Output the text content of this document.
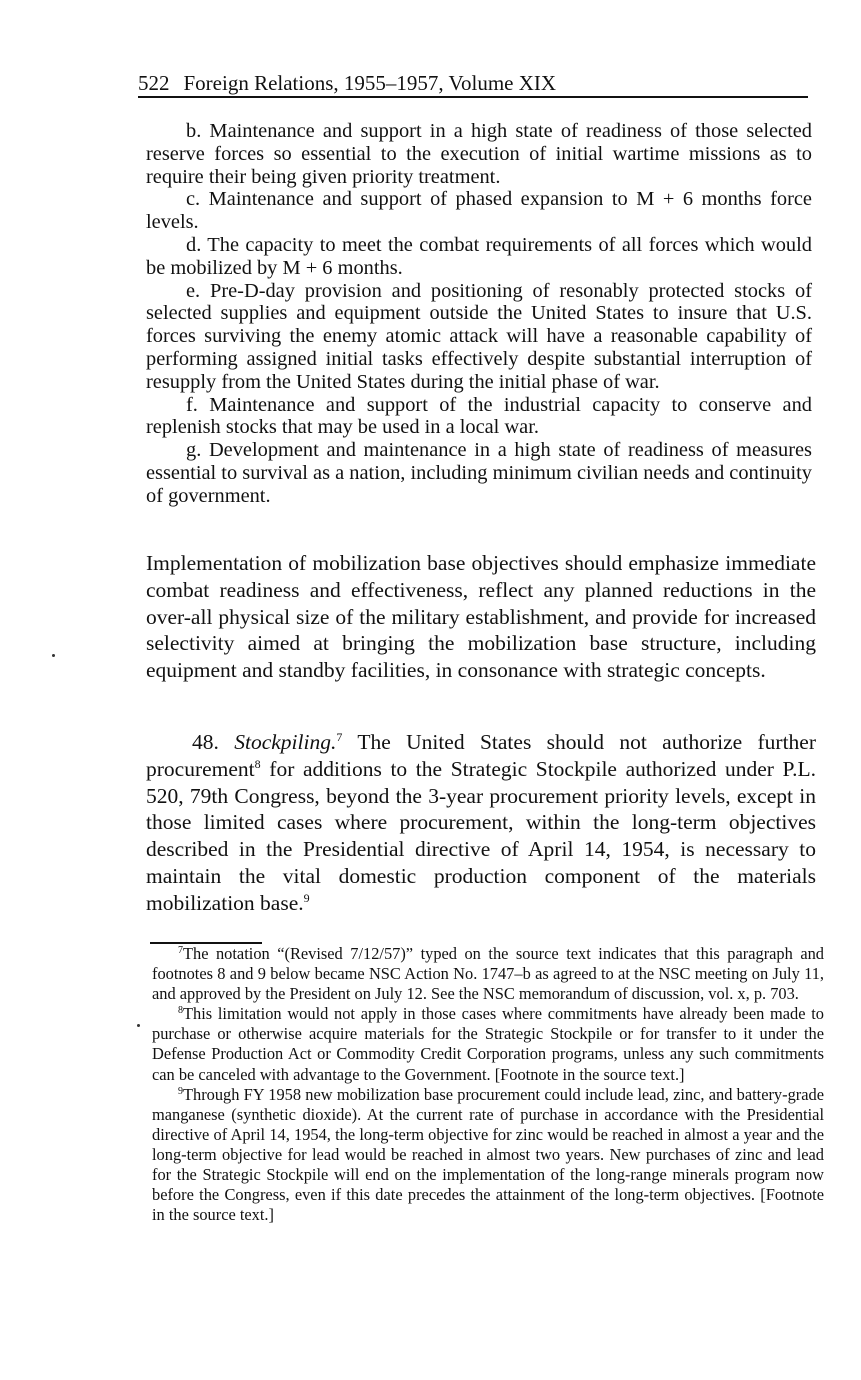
522 Foreign Relations, 1955–1957, Volume XIX

b. Maintenance and support in a high state of readiness of those selected reserve forces so essential to the execution of initial wartime missions as to require their being given priority treatment.

c. Maintenance and support of phased expansion to M + 6 months force levels.

d. The capacity to meet the combat requirements of all forces which would be mobilized by M + 6 months.

e. Pre-D-day provision and positioning of resonably protected stocks of selected supplies and equipment outside the United States to insure that U.S. forces surviving the enemy atomic attack will have a reasonable capability of performing assigned initial tasks effectively despite substantial interruption of resupply from the United States during the initial phase of war.

f. Maintenance and support of the industrial capacity to conserve and replenish stocks that may be used in a local war.

g. Development and maintenance in a high state of readiness of measures essential to survival as a nation, including minimum civilian needs and continuity of government.

Implementation of mobilization base objectives should emphasize immediate combat readiness and effectiveness, reflect any planned reductions in the over-all physical size of the military establishment, and provide for increased selectivity aimed at bringing the mobilization base structure, including equipment and standby facilities, in consonance with strategic concepts.

48. Stockpiling.$^7$ The United States should not authorize further procurement$^8$ for additions to the Strategic Stockpile authorized under P.L. 520, 79th Congress, beyond the 3-year procurement priority levels, except in those limited cases where procurement, within the long-term objectives described in the Presidential directive of April 14, 1954, is necessary to maintain the vital domestic production component of the materials mobilization base.$^9$

$^7$The notation “(Revised 7/12/57)” typed on the source text indicates that this paragraph and footnotes 8 and 9 below became NSC Action No. 1747–b as agreed to at the NSC meeting on July 11, and approved by the President on July 12. See the NSC memorandum of discussion, vol. x, p. 703.

$^8$This limitation would not apply in those cases where commitments have already been made to purchase or otherwise acquire materials for the Strategic Stockpile or for transfer to it under the Defense Production Act or Commodity Credit Corporation programs, unless any such commitments can be canceled with advantage to the Government. [Footnote in the source text.]

$^9$Through FY 1958 new mobilization base procurement could include lead, zinc, and battery-grade manganese (synthetic dioxide). At the current rate of purchase in accordance with the Presidential directive of April 14, 1954, the long-term objective for zinc would be reached in almost a year and the long-term objective for lead would be reached in almost two years. New purchases of zinc and lead for the Strategic Stockpile will end on the implementation of the long-range minerals program now before the Congress, even if this date precedes the attainment of the long-term objectives. [Footnote in the source text.]
